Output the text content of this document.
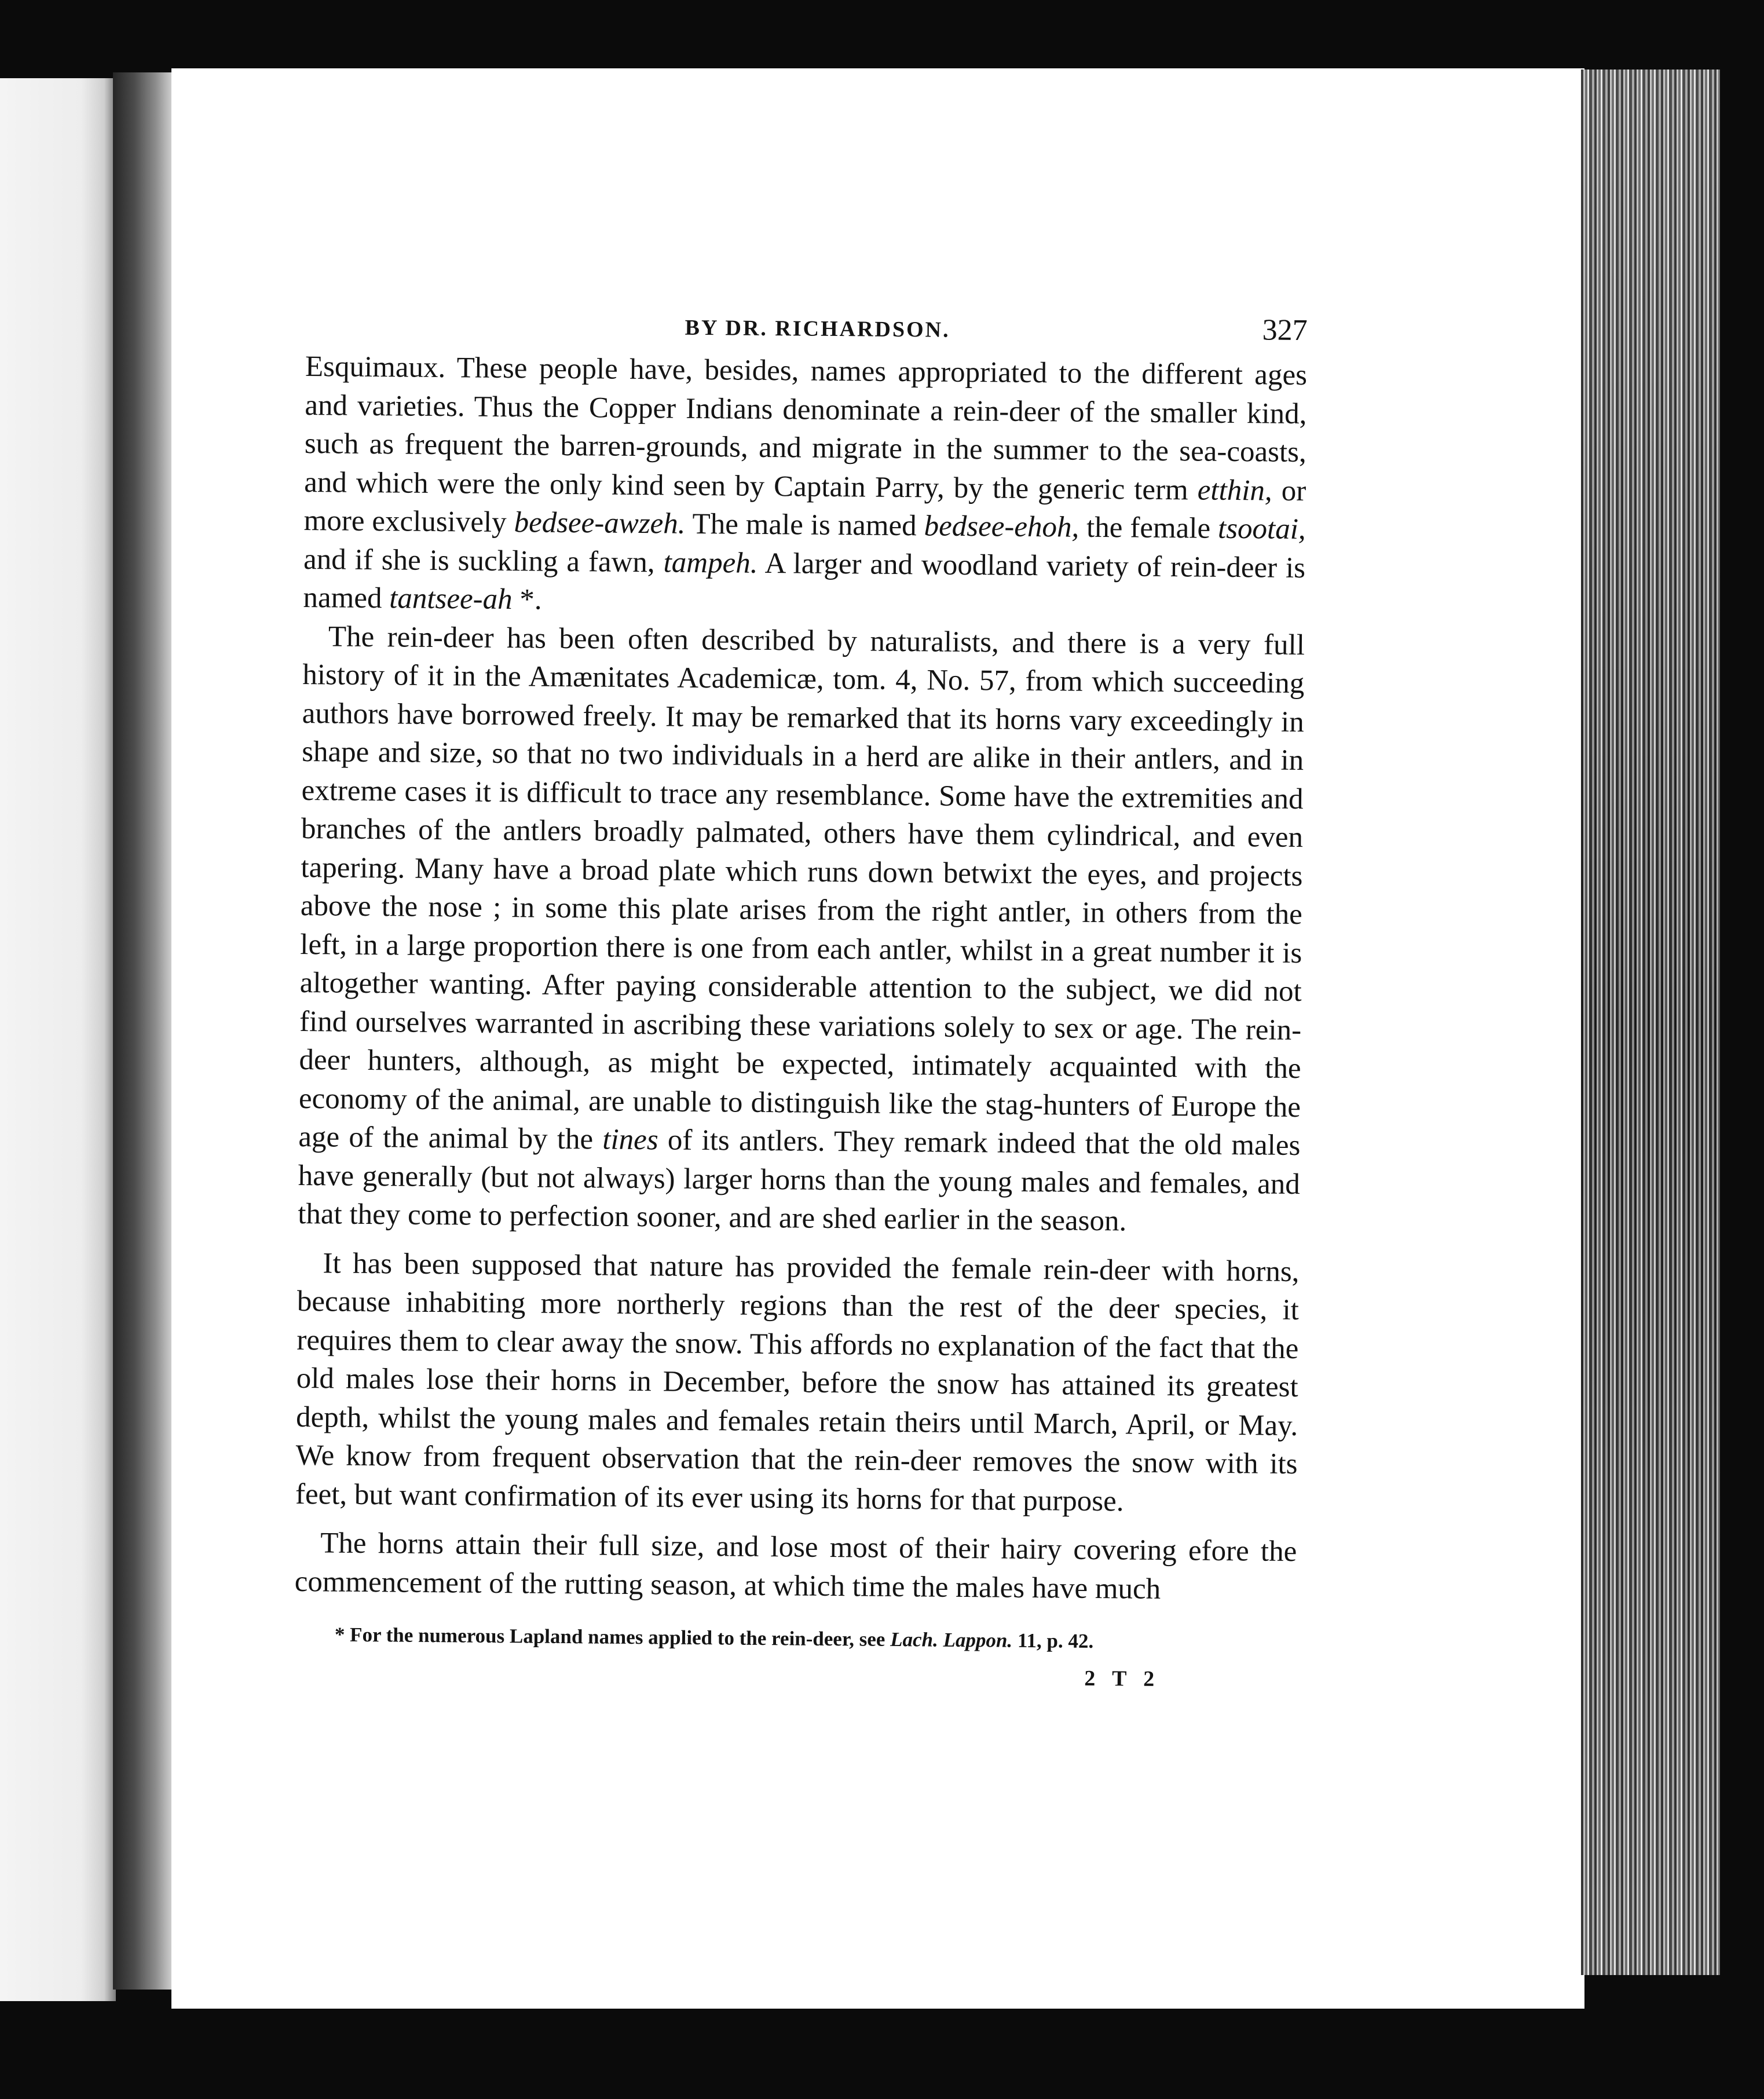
BY DR. RICHARDSON.	327

Esquimaux. These people have, besides, names appropriated to the different ages and varieties. Thus the Copper Indians denominate a rein-deer of the smaller kind, such as frequent the barren-grounds, and migrate in the summer to the sea-coasts, and which were the only kind seen by Captain Parry, by the generic term etthin, or more exclusively bedsee-awzeh. The male is named bedsee-ehoh, the female tsootai, and if she is suckling a fawn, tampeh. A larger and woodland variety of rein-deer is named tantsee-ah *.

The rein-deer has been often described by naturalists, and there is a very full history of it in the Amænitates Academicæ, tom. 4, No. 57, from which succeeding authors have borrowed freely. It may be remarked that its horns vary exceedingly in shape and size, so that no two individuals in a herd are alike in their antlers, and in extreme cases it is difficult to trace any resemblance. Some have the extremities and branches of the antlers broadly palmated, others have them cylindrical, and even tapering. Many have a broad plate which runs down betwixt the eyes, and projects above the nose ; in some this plate arises from the right antler, in others from the left, in a large proportion there is one from each antler, whilst in a great number it is altogether wanting. After paying considerable attention to the subject, we did not find ourselves warranted in ascribing these variations solely to sex or age. The rein-deer hunters, although, as might be expected, intimately acquainted with the economy of the animal, are unable to distinguish like the stag-hunters of Europe the age of the animal by the tines of its antlers. They remark indeed that the old males have generally (but not always) larger horns than the young males and females, and that they come to perfection sooner, and are shed earlier in the season.

It has been supposed that nature has provided the female rein-deer with horns, because inhabiting more northerly regions than the rest of the deer species, it requires them to clear away the snow. This affords no explanation of the fact that the old males lose their horns in December, before the snow has attained its greatest depth, whilst the young males and females retain theirs until March, April, or May. We know from frequent observation that the rein-deer removes the snow with its feet, but want confirmation of its ever using its horns for that purpose.

The horns attain their full size, and lose most of their hairy covering efore the commencement of the rutting season, at which time the males have much

* For the numerous Lapland names applied to the rein-deer, see Lach. Lappon. 11, p. 42.
2 T 2
